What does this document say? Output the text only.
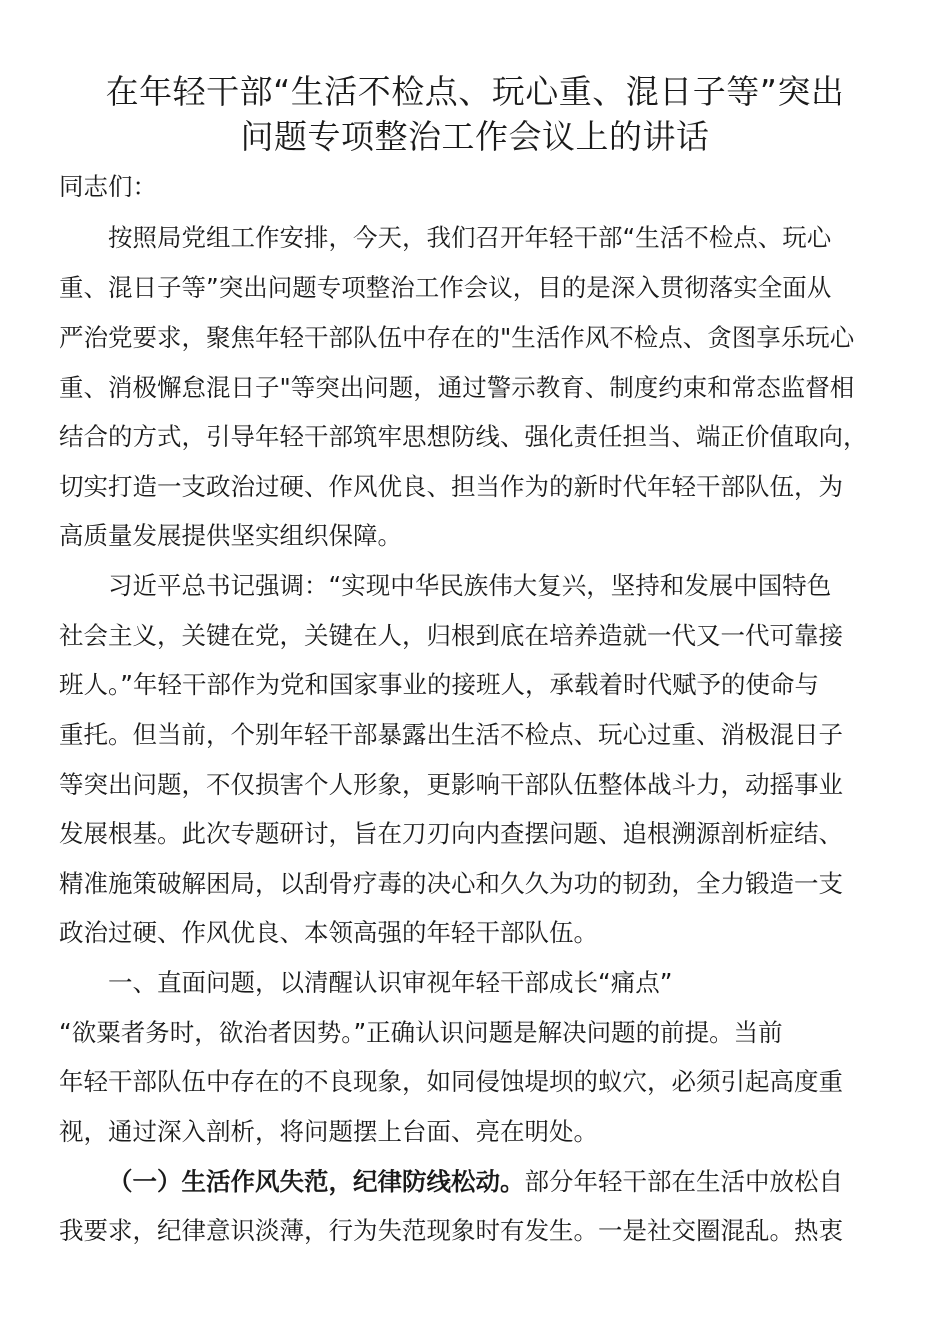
在年轻干部“生活不检点、玩心重、混日子等”突出
问题专项整治工作会议上的讲话
同志们：
按照局党组工作安排，今天，我们召开年轻干部“生活不检点、玩心
重、混日子等”突出问题专项整治工作会议，目的是深入贯彻落实全面从
严治党要求，聚焦年轻干部队伍中存在的"生活作风不检点、贪图享乐玩心
重、消极懈怠混日子"等突出问题，通过警示教育、制度约束和常态监督相
结合的方式，引导年轻干部筑牢思想防线、强化责任担当、端正价值取向，
切实打造一支政治过硬、作风优良、担当作为的新时代年轻干部队伍，为
高质量发展提供坚实组织保障。
习近平总书记强调：“实现中华民族伟大复兴，坚持和发展中国特色
社会主义，关键在党，关键在人，归根到底在培养造就一代又一代可靠接
班人。”年轻干部作为党和国家事业的接班人，承载着时代赋予的使命与
重托。但当前，个别年轻干部暴露出生活不检点、玩心过重、消极混日子
等突出问题，不仅损害个人形象，更影响干部队伍整体战斗力，动摇事业
发展根基。此次专题研讨，旨在刀刃向内查摆问题、追根溯源剖析症结、
精准施策破解困局，以刮骨疗毒的决心和久久为功的韧劲，全力锻造一支
政治过硬、作风优良、本领高强的年轻干部队伍。
一、直面问题，以清醒认识审视年轻干部成长“痛点”
“欲粟者务时，欲治者因势。”正确认识问题是解决问题的前提。当前
年轻干部队伍中存在的不良现象，如同侵蚀堤坝的蚁穴，必须引起高度重
视，通过深入剖析，将问题摆上台面、亮在明处。
（一）生活作风失范，纪律防线松动。部分年轻干部在生活中放松自
我要求，纪律意识淡薄，行为失范现象时有发生。一是社交圈混乱。热衷
